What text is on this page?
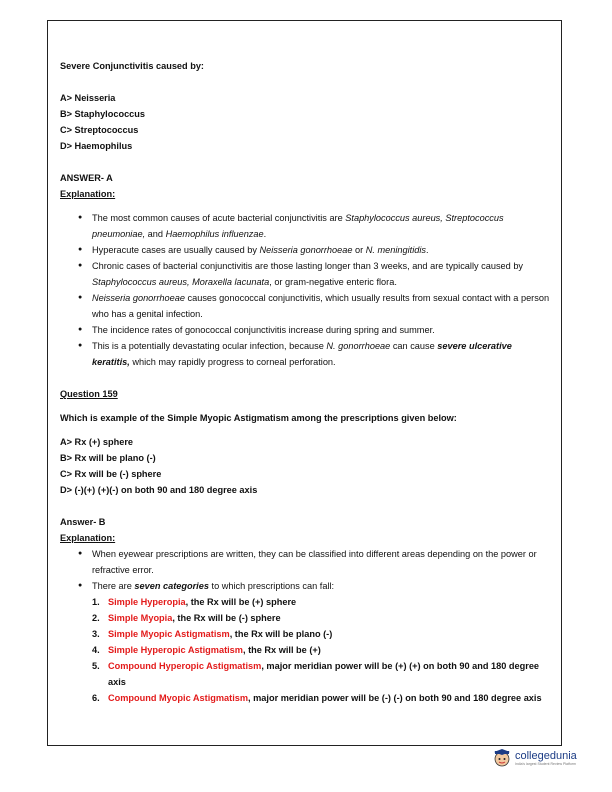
Severe Conjunctivitis caused by:
A> Neisseria
B> Staphylococcus
C> Streptococcus
D> Haemophilus
ANSWER- A
Explanation:
● The most common causes of acute bacterial conjunctivitis are Staphylococcus aureus, Streptococcus pneumoniae, and Haemophilus influenzae.
● Hyperacute cases are usually caused by Neisseria gonorrhoeae or N. meningitidis.
● Chronic cases of bacterial conjunctivitis are those lasting longer than 3 weeks, and are typically caused by Staphylococcus aureus, Moraxella lacunata, or gram-negative enteric flora.
● Neisseria gonorrhoeae causes gonococcal conjunctivitis, which usually results from sexual contact with a person who has a genital infection.
● The incidence rates of gonococcal conjunctivitis increase during spring and summer.
● This is a potentially devastating ocular infection, because N. gonorrhoeae can cause severe ulcerative keratitis, which may rapidly progress to corneal perforation.
Question 159
Which is example of the Simple Myopic Astigmatism among the prescriptions given below:
A> Rx (+) sphere
B> Rx will be plano (-)
C> Rx will be (-) sphere
D> (-)(+) (+)(-) on both 90 and 180 degree axis
Answer- B
Explanation:
● When eyewear prescriptions are written, they can be classified into different areas depending on the power or refractive error.
● There are seven categories to which prescriptions can fall:
1. Simple Hyperopia, the Rx will be (+) sphere
2. Simple Myopia, the Rx will be (-) sphere
3. Simple Myopic Astigmatism, the Rx will be plano (-)
4. Simple Hyperopic Astigmatism, the Rx will be (+)
5. Compound Hyperopic Astigmatism, major meridian power will be (+) (+) on both 90 and 180 degree axis
6. Compound Myopic Astigmatism, major meridian power will be (-) (-) on both 90 and 180 degree axis
collegedunia
India's largest Student Review Platform
